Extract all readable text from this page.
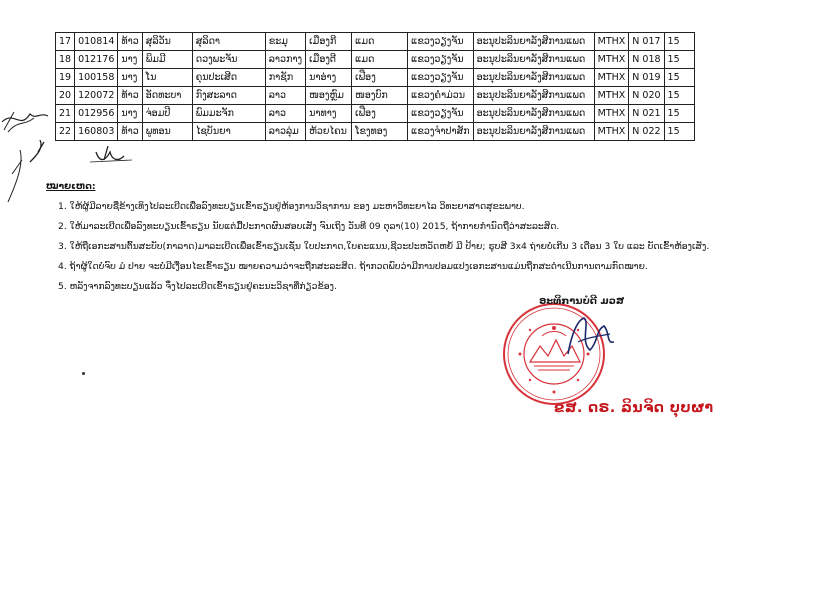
17	010814	ທ້າວ	ສຸລິວັນ	ສຸລິດາ	ຂະມຸ	ເມືອງກີ	ແມດ	ແຂວງວຽງຈັນ	ອະນຸປະລິນຍາລັງສີການແພດ	MTHX	N 017	15
18	012176	ນາງ	ພິມມີ	ດວງພະຈັນ	ລາວກາງ	ເມືອງຕີ	ແມດ	ແຂວງວຽງຈັນ	ອະນຸປະລິນຍາລັງສີການແພດ	MTHX	N 018	15
19	100158	ນາງ	ໂນ	ຄຸນປະເສີດ	ກາຊັກ	ນາອ່າງ	ເຟືອງ	ແຂວງວຽງຈັນ	ອະນຸປະລິນຍາລັງສີການແພດ	MTHX	N 019	15
20	120072	ທ້າວ	ອັດທະບາ	ກົງສະລາດ	ລາວ	ໜອງຫຼົມ	ໜອງບົກ	ແຂວງຄຳມ່ວນ	ອະນຸປະລິນຍາລັງສີການແພດ	MTHX	N 020	15
21	012956	ນາງ	ຈ່ອມປີ	ພົມມະຈັກ	ລາວ	ນາທາງ	ເຟືອງ	ແຂວງວຽງຈັນ	ອະນຸປະລິນຍາລັງສີການແພດ	MTHX	N 021	15
22	160803	ທ້າວ	ພູທອນ	ໄຊບັນຍາ	ລາວລຸ່ມ	ຫ້ວຍໄຄນ	ໂຂງທອງ	ແຂວງຈຳປາສັກ	ອະນຸປະລິນຍາລັງສີການແພດ	MTHX	N 022	15
ໝາຍເຫດ:
1. ໃຫ້ຜູ້ມີລາຍຊື່ຂ້າງເທິງໄປລະເບີດເພື່ອລົງທະບຽນເຂົ້າຮຽນຢູ່ຫ້ອງການວິຊາການ ຂອງ ມະຫາວິທະຍາໄລ ວິທະຍາສາດສຸຂະພາບ.
2. ໃຫ້ມາລະເບີດເພື່ອລົງທະບຽນເຂົ້າຮຽນ ນັບແຕ່ມື້ປະກາດຜົນສອບເສັງ ຈົນເຖິງ ວັນທີ 09 ຕຸລາ(10) 2015, ຖ້າກາຍກຳນົດຖືວ່າສະລະສິດ.
3. ໃຫ້ຖືເອກະສານຕົ້ນສະບັບ(ກາລາດ)ມາລະເບີດເພື່ອເຂົ້າຮຽນເຊັ່ນ ໃບປະກາດ,ໃບຄະແນນ,ຊີວະປະຫວັດຫຍໍ້ ມີ ປ້າຍ; ຮູບສີ 3x4 ຖ່າຍບໍ່ເກີນ 3 ເດືອນ 3 ໃບ ແລະ ບັດເຂົ້າຫ້ອງເສັງ.
4. ຖ້າຜູ້ໃດບໍ່ຈົບ ມໍ ປາຍ ຈະບໍ່ມີເງື່ອນໄຂເຂົ້າຮຽນ ໝາຍຄວາມວ່າຈະຖືກສະລະສິດ. ຖ້າກວດພົບວ່າມີການປອມແປງເອກະສານແມ່ນຖືກສະດຳເນີນການຕາມກົດໝາຍ.
5. ຫລັງຈາກລົງທະບຽນແລ້ວ ຈຶ່ງໄປລະເບີດເຂົ້າຮຽນຢູ່ຄະນະວິຊາທີ່ກ່ຽວຂ້ອງ.
ອະທິການບໍດີ ມວສ
ຂສ. ດຣ. ລິນຈິດ ບຸບຜາ
